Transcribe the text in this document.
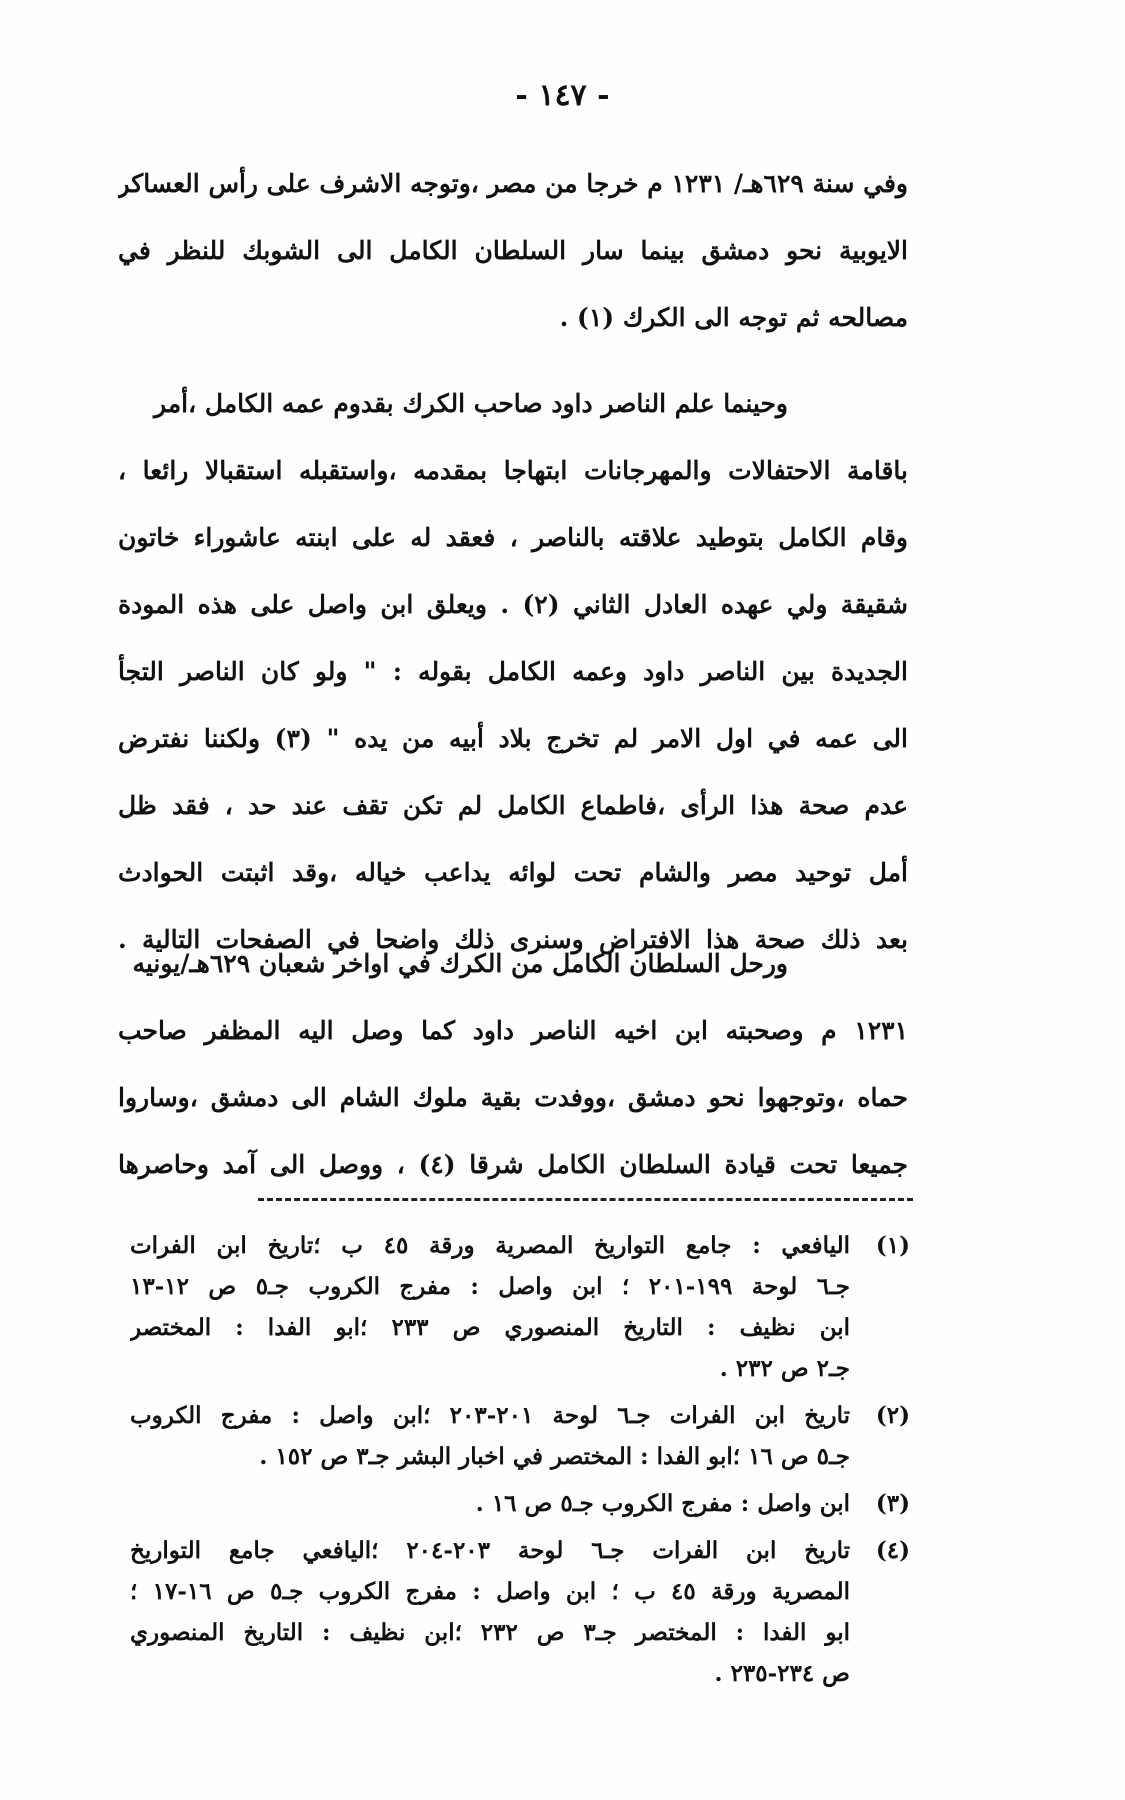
- ١٤٧ -
وفي سنة ٦٢٩هـ/ ١٢٣١ م خرجا من مصر ،وتوجه الاشرف على رأس العساكر
الايوبية نحو دمشق بينما سار السلطان الكامل الى الشوبك للنظر في
مصالحه ثم توجه الى الكرك (١) .
وحينما علم الناصر داود صاحب الكرك بقدوم عمه الكامل ،أمر
باقامة الاحتفالات والمهرجانات ابتهاجا بمقدمه ،واستقبله استقبالا رائعا ،
وقام الكامل بتوطيد علاقته بالناصر ، فعقد له على ابنته عاشوراء خاتون
شقيقة ولي عهده العادل الثاني (٢) . ويعلق ابن واصل على هذه المودة
الجديدة بين الناصر داود وعمه الكامل بقوله : " ولو كان الناصر التجأ
الى عمه في اول الامر لم تخرج بلاد أبيه من يده " (٣) ولكننا نفترض
عدم صحة هذا الرأى ،فاطماع الكامل لم تكن تقف عند حد ، فقد ظل
أمل توحيد مصر والشام تحت لوائه يداعب خياله ،وقد اثبتت الحوادث
بعد ذلك صحة هذا الافتراض وسنرى ذلك واضحا في الصفحات التالية .
ورحل السلطان الكامل من الكرك في اواخر شعبان ٦٢٩هـ/يونيه
١٢٣١ م وصحبته ابن اخيه الناصر داود كما وصل اليه المظفر صاحب
حماه ،وتوجهوا نحو دمشق ،ووفدت بقية ملوك الشام الى دمشق ،وساروا
جميعا تحت قيادة السلطان الكامل شرقا (٤) ، ووصل الى آمد وحاصرها
(١)
اليافعي : جامع التواريخ المصرية ورقة ٤٥ ب ؛تاريخ ابن الفرات
جـ٦ لوحة ١٩٩-٢٠١ ؛ ابن واصل : مفرج الكروب جـ٥ ص ١٢-١٣
ابن نظيف : التاريخ المنصوري ص ٢٣٣ ؛ابو الفدا : المختصر
جـ٢ ص ٢٣٢ .
(٢)
تاريخ ابن الفرات جـ٦ لوحة ٢٠١-٢٠٣ ؛ابن واصل : مفرج الكروب
جـ٥ ص ١٦ ؛ابو الفدا : المختصر في اخبار البشر جـ٣ ص ١٥٢ .
(٣)
ابن واصل : مفرج الكروب جـ٥ ص ١٦ .
(٤)
تاريخ ابن الفرات جـ٦ لوحة ٢٠٣-٢٠٤ ؛اليافعي جامع التواريخ
المصرية ورقة ٤٥ ب ؛ ابن واصل : مفرج الكروب جـ٥ ص ١٦-١٧ ؛
ابو الفدا : المختصر جـ٣ ص ٢٣٢ ؛ابن نظيف : التاريخ المنصوري
ص ٢٣٤-٢٣٥ .
